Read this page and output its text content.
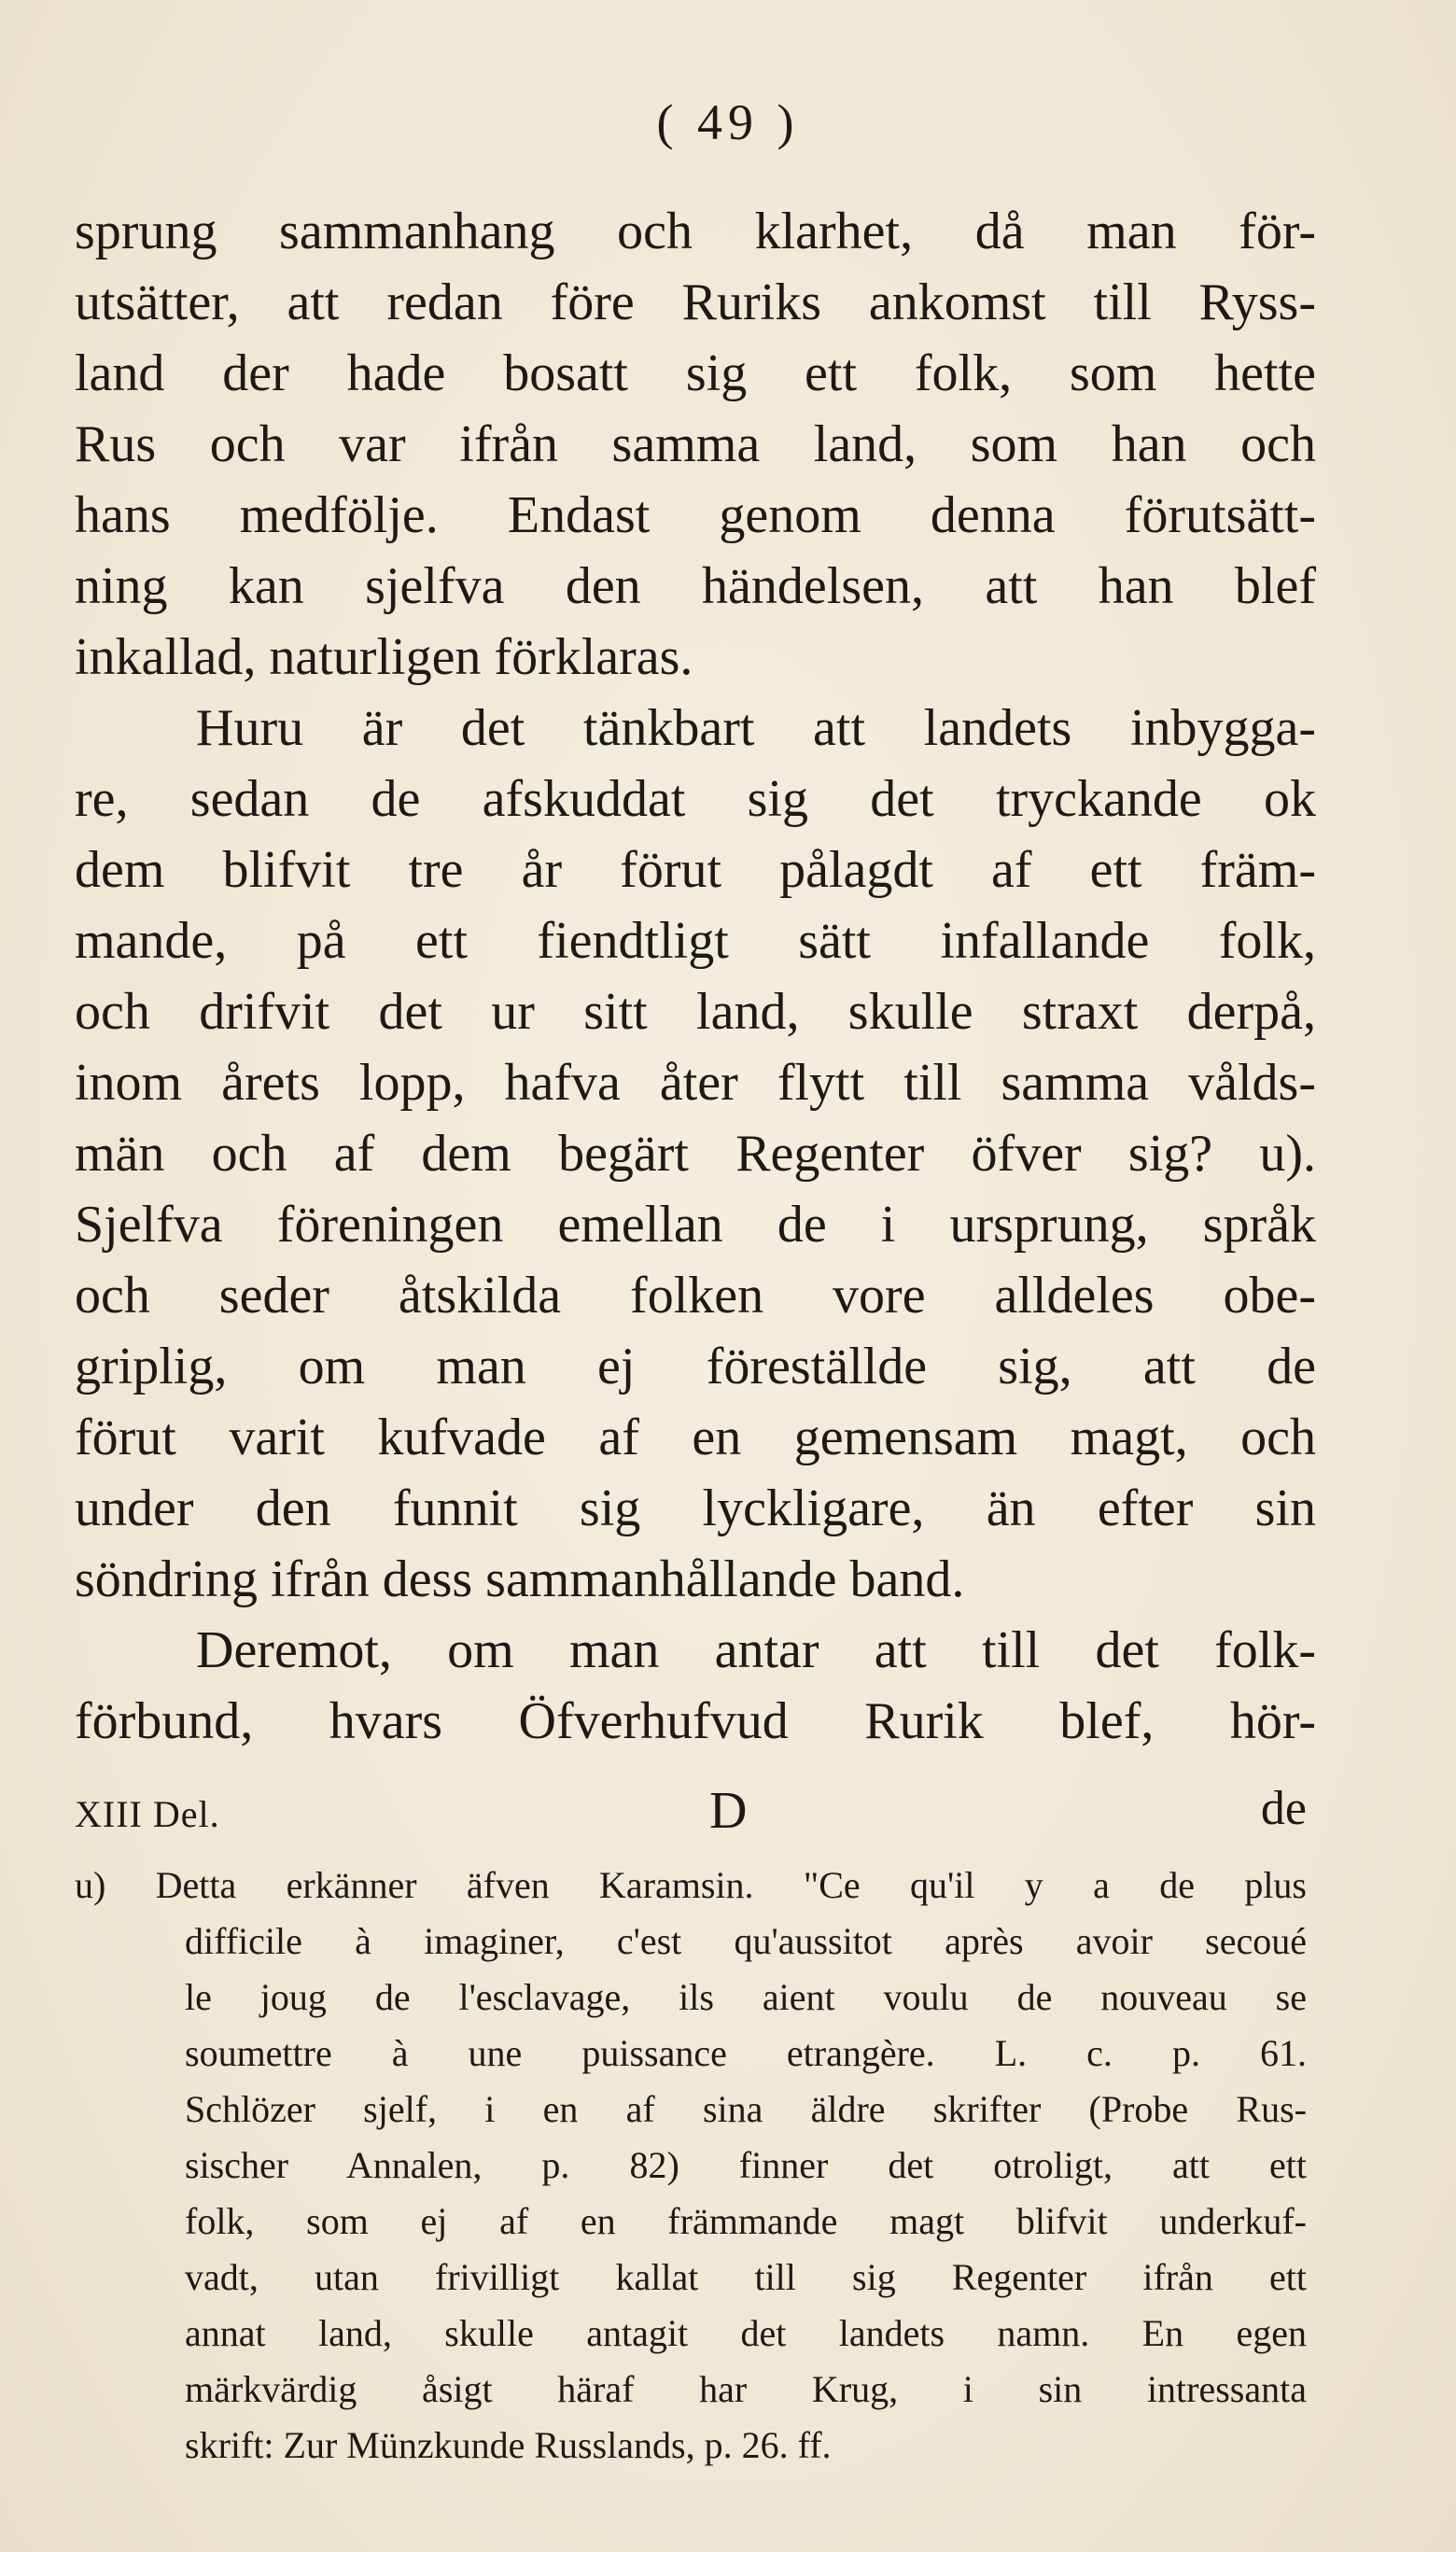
( 49 )
sprung sammanhang och klarhet, då man för-
utsätter, att redan före Ruriks ankomst till Ryss-
land der hade bosatt sig ett folk, som hette
Rus och var ifrån samma land, som han och
hans medfölje. Endast genom denna förutsätt-
ning kan sjelfva den händelsen, att han blef
inkallad, naturligen förklaras.
Huru är det tänkbart att landets inbygga-
re, sedan de afskuddat sig det tryckande ok
dem blifvit tre år förut pålagdt af ett främ-
mande, på ett fiendtligt sätt infallande folk,
och drifvit det ur sitt land, skulle straxt derpå,
inom årets lopp, hafva åter flytt till samma vålds-
män och af dem begärt Regenter öfver sig? u).
Sjelfva föreningen emellan de i ursprung, språk
och seder åtskilda folken vore alldeles obe-
griplig, om man ej föreställde sig, att de
förut varit kufvade af en gemensam magt, och
under den funnit sig lyckligare, än efter sin
söndring ifrån dess sammanhållande band.
Deremot, om man antar att till det folk-
förbund, hvars Öfverhufvud Rurik blef, hör-
XIII Del.	D	de
u) Detta erkänner äfven Karamsin. "Ce qu'il y a de plus
difficile à imaginer, c'est qu'aussitot après avoir secoué
le joug de l'esclavage, ils aient voulu de nouveau se
soumettre à une puissance etrangère. L. c. p. 61.
Schlözer sjelf, i en af sina äldre skrifter (Probe Rus-
sischer Annalen, p. 82) finner det otroligt, att ett
folk, som ej af en främmande magt blifvit underkuf-
vadt, utan frivilligt kallat till sig Regenter ifrån ett
annat land, skulle antagit det landets namn. En egen
märkvärdig åsigt häraf har Krug, i sin intressanta
skrift: Zur Münzkunde Russlands, p. 26. ff.
